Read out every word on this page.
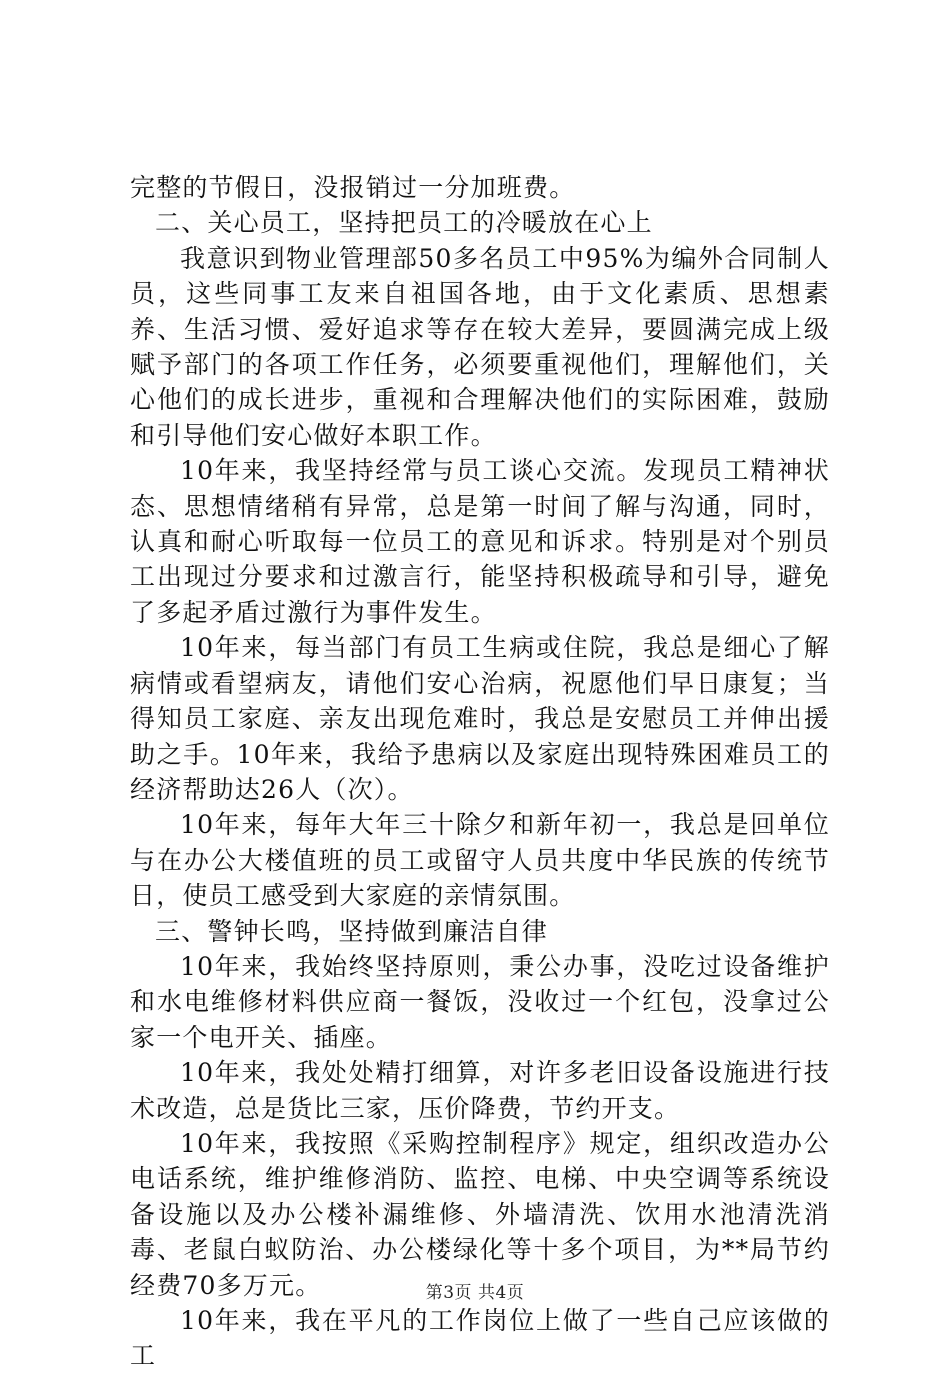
完整的节假日，没报销过一分加班费。

二、关心员工，坚持把员工的冷暖放在心上

我意识到物业管理部50多名员工中95%为编外合同制人员，这些同事工友来自祖国各地，由于文化素质、思想素养、生活习惯、爱好追求等存在较大差异，要圆满完成上级赋予部门的各项工作任务，必须要重视他们，理解他们，关心他们的成长进步，重视和合理解决他们的实际困难，鼓励和引导他们安心做好本职工作。

10年来，我坚持经常与员工谈心交流。发现员工精神状态、思想情绪稍有异常，总是第一时间了解与沟通，同时，认真和耐心听取每一位员工的意见和诉求。特别是对个别员工出现过分要求和过激言行，能坚持积极疏导和引导，避免了多起矛盾过激行为事件发生。

10年来，每当部门有员工生病或住院，我总是细心了解病情或看望病友，请他们安心治病，祝愿他们早日康复；当得知员工家庭、亲友出现危难时，我总是安慰员工并伸出援助之手。10年来，我给予患病以及家庭出现特殊困难员工的经济帮助达26人（次）。

10年来，每年大年三十除夕和新年初一，我总是回单位与在办公大楼值班的员工或留守人员共度中华民族的传统节日，使员工感受到大家庭的亲情氛围。

三、警钟长鸣，坚持做到廉洁自律

10年来，我始终坚持原则，秉公办事，没吃过设备维护和水电维修材料供应商一餐饭，没收过一个红包，没拿过公家一个电开关、插座。

10年来，我处处精打细算，对许多老旧设备设施进行技术改造，总是货比三家，压价降费，节约开支。

10年来，我按照《采购控制程序》规定，组织改造办公电话系统，维护维修消防、监控、电梯、中央空调等系统设备设施以及办公楼补漏维修、外墙清洗、饮用水池清洗消毒、老鼠白蚁防治、办公楼绿化等十多个项目，为**局节约经费70多万元。

10年来，我在平凡的工作岗位上做了一些自己应该做的工

第3页 共4页
